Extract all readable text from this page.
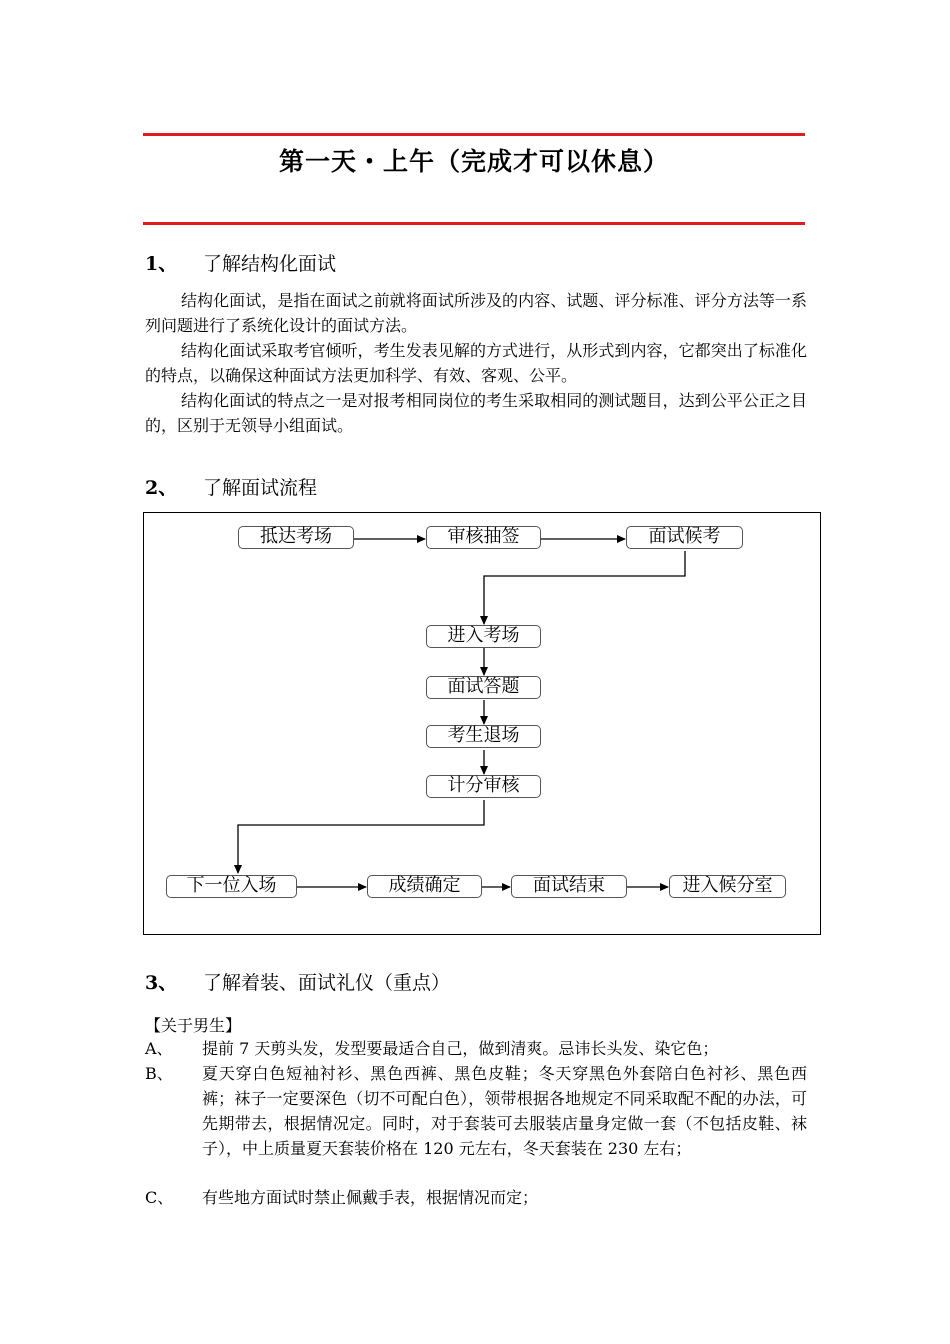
第一天・上午（完成才可以休息）
1、 了解结构化面试

结构化面试，是指在面试之前就将面试所涉及的内容、试题、评分标准、评分方法等一系列问题进行了系统化设计的面试方法。

结构化面试采取考官倾听，考生发表见解的方式进行，从形式到内容，它都突出了标准化的特点，以确保这种面试方法更加科学、有效、客观、公平。

结构化面试的特点之一是对报考相同岗位的考生采取相同的测试题目，达到公平公正之目的，区别于无领导小组面试。

2、 了解面试流程
抵达考场	审核抽签	面试候考
进入考场
面试答题
考生退场
计分审核
下一位入场	成绩确定	面试结束	进入候分室
3、 了解着装、面试礼仪（重点）
【关于男生】
A、 提前 7 天剪头发，发型要最适合自己，做到清爽。忌讳长头发、染它色；
B、 夏天穿白色短袖衬衫、黑色西裤、黑色皮鞋；冬天穿黑色外套陪白色衬衫、黑色西裤；袜子一定要深色（切不可配白色），领带根据各地规定不同采取配不配的办法，可先期带去，根据情况定。同时，对于套装可去服装店量身定做一套（不包括皮鞋、袜子），中上质量夏天套装价格在 120 元左右，冬天套装在 230 左右；
C、 有些地方面试时禁止佩戴手表，根据情况而定；
